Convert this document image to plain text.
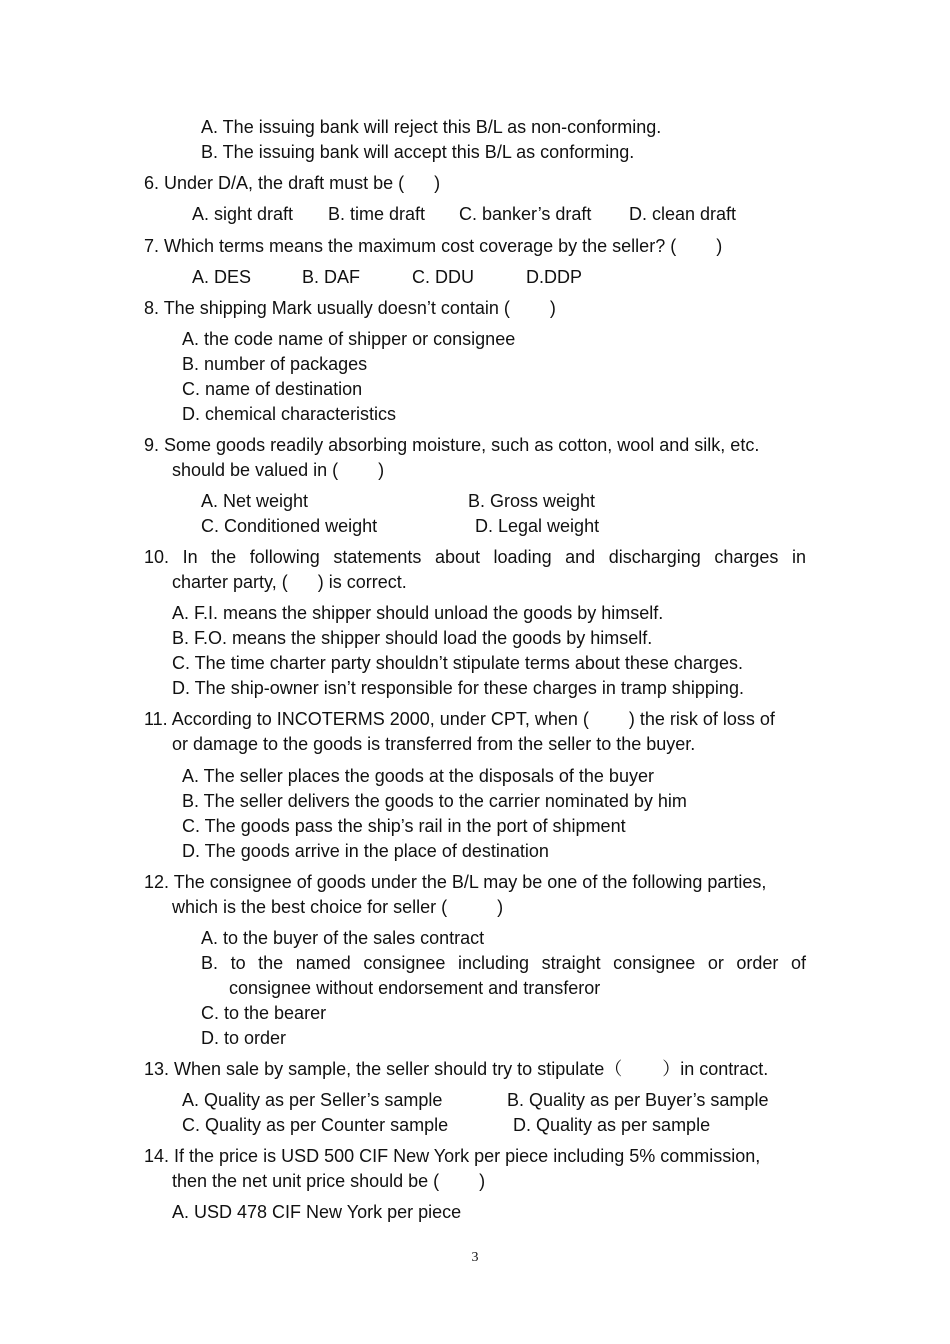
A. The issuing bank will reject this B/L as non-conforming.
B. The issuing bank will accept this B/L as conforming.
6. Under D/A, the draft must be (      )
A. sight draft B. time draft C. banker’s draft D. clean draft
7. Which terms means the maximum cost coverage by the seller? (        )
A. DES	B. DAF	C. DDU	D.DDP
8. The shipping Mark usually doesn’t contain (        )
A. the code name of shipper or consignee
B. number of packages
C. name of destination
D. chemical characteristics
9. Some goods readily absorbing moisture, such as cotton, wool and silk, etc.
should be valued in (        )
A. Net weight	B. Gross weight
C. Conditioned weight	D. Legal weight
10. In the following statements about loading and discharging charges in
charter party, (      ) is correct.
A. F.I. means the shipper should unload the goods by himself.
B. F.O. means the shipper should load the goods by himself.
C. The time charter party shouldn’t stipulate terms about these charges.
D. The ship-owner isn’t responsible for these charges in tramp shipping.
11. According to INCOTERMS 2000, under CPT, when (        ) the risk of loss of
or damage to the goods is transferred from the seller to the buyer.
A. The seller places the goods at the disposals of the buyer
B. The seller delivers the goods to the carrier nominated by him
C. The goods pass the ship’s rail in the port of shipment
D. The goods arrive in the place of destination
12. The consignee of goods under the B/L may be one of the following parties,
which is the best choice for seller (          )
A. to the buyer of the sales contract
B. to the named consignee including straight consignee or order of
consignee without endorsement and transferor
C. to the bearer
D. to order
13. When sale by sample, the seller should try to stipulate（        ）in contract.
A. Quality as per Seller’s sample	B. Quality as per Buyer’s sample
C. Quality as per Counter sample	D. Quality as per sample
14. If the price is USD 500 CIF New York per piece including 5% commission,
then the net unit price should be (        )
A. USD 478 CIF New York per piece
3
